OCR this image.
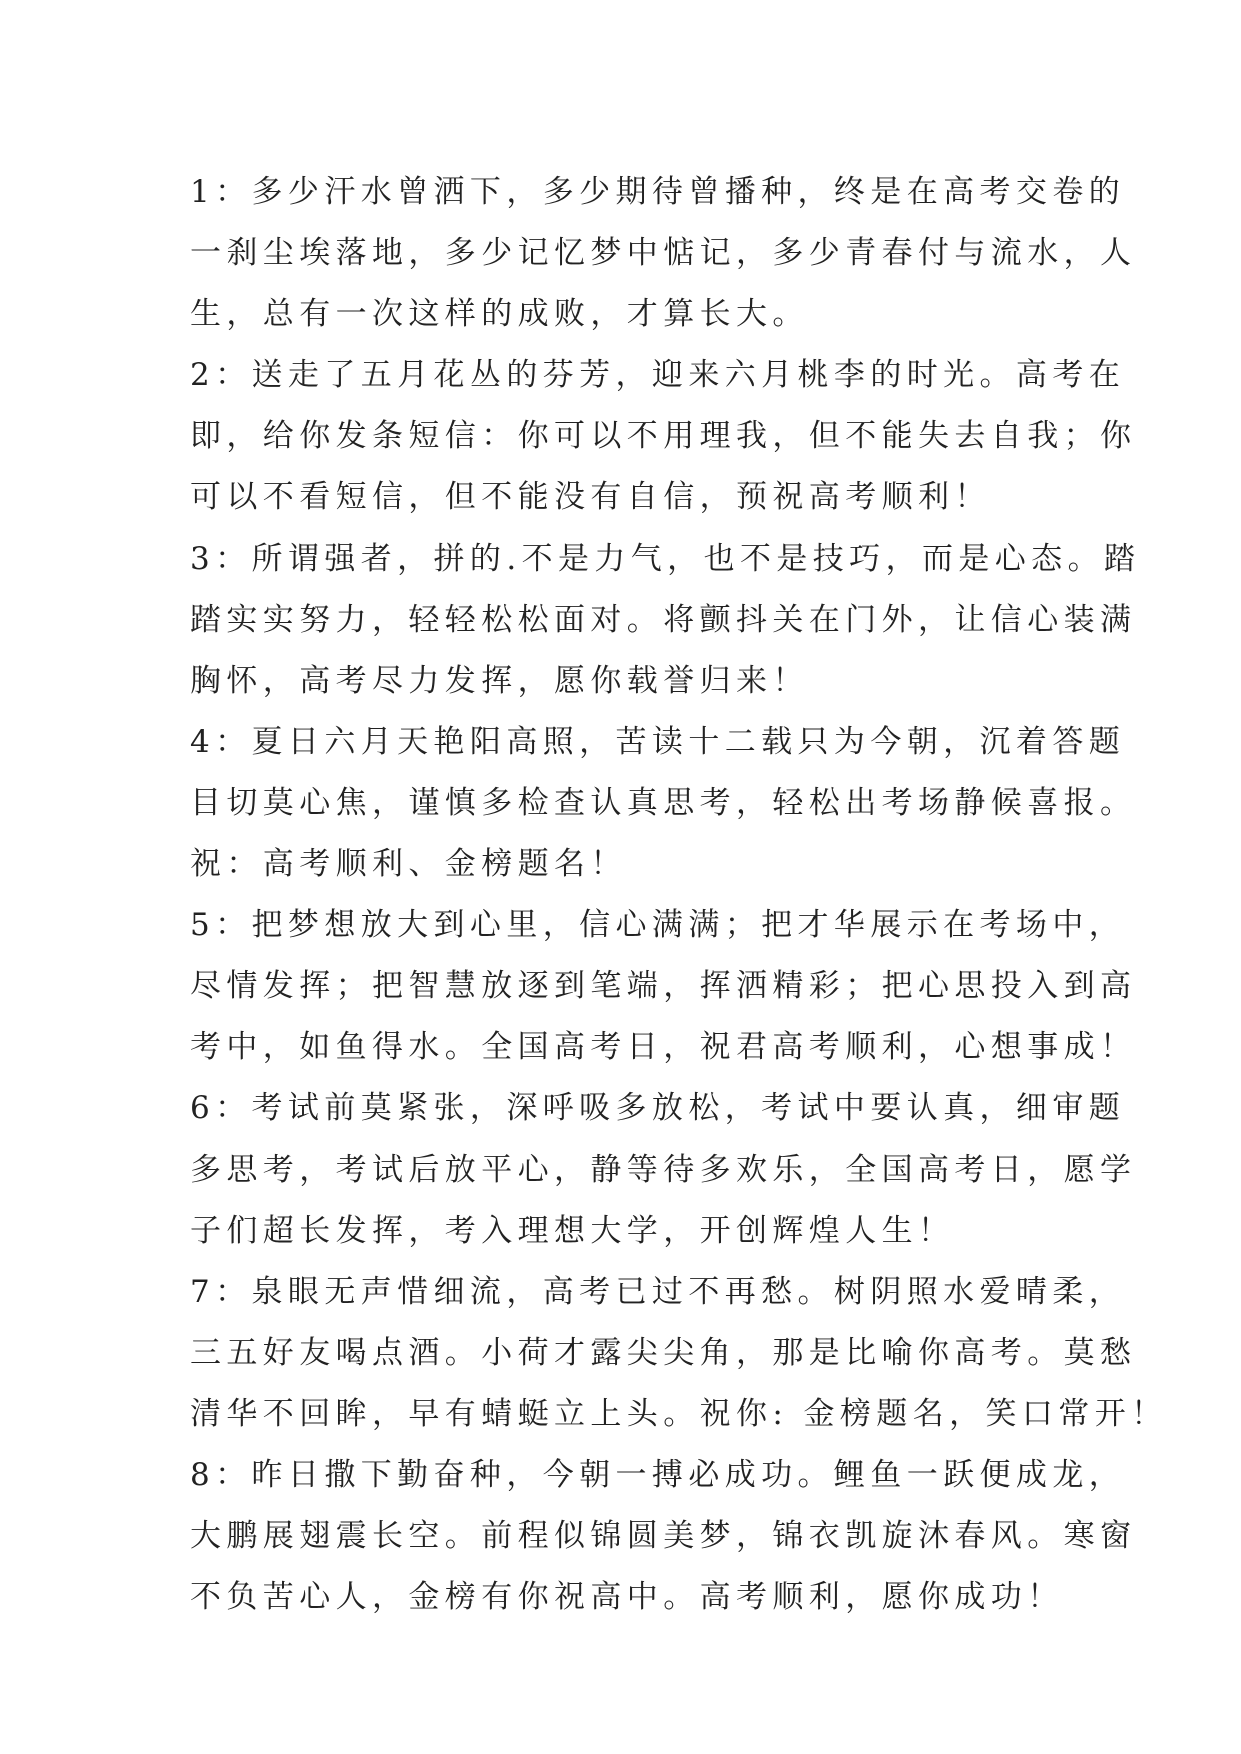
1：多少汗水曾洒下，多少期待曾播种，终是在高考交卷的
一刹尘埃落地，多少记忆梦中惦记，多少青春付与流水，人
生，总有一次这样的成败，才算长大。
2：送走了五月花丛的芬芳，迎来六月桃李的时光。高考在
即，给你发条短信：你可以不用理我，但不能失去自我；你
可以不看短信，但不能没有自信，预祝高考顺利！
3：所谓强者，拼的.不是力气，也不是技巧，而是心态。踏
踏实实努力，轻轻松松面对。将颤抖关在门外，让信心装满
胸怀，高考尽力发挥，愿你载誉归来！
4：夏日六月天艳阳高照，苦读十二载只为今朝，沉着答题
目切莫心焦，谨慎多检查认真思考，轻松出考场静候喜报。
祝：高考顺利、金榜题名！
5：把梦想放大到心里，信心满满；把才华展示在考场中，
尽情发挥；把智慧放逐到笔端，挥洒精彩；把心思投入到高
考中，如鱼得水。全国高考日，祝君高考顺利，心想事成！
6：考试前莫紧张，深呼吸多放松，考试中要认真，细审题
多思考，考试后放平心，静等待多欢乐，全国高考日，愿学
子们超长发挥，考入理想大学，开创辉煌人生！
7：泉眼无声惜细流，高考已过不再愁。树阴照水爱晴柔，
三五好友喝点酒。小荷才露尖尖角，那是比喻你高考。莫愁
清华不回眸，早有蜻蜓立上头。祝你: 金榜题名，笑口常开！
8：昨日撒下勤奋种，今朝一搏必成功。鲤鱼一跃便成龙，
大鹏展翅震长空。前程似锦圆美梦，锦衣凯旋沐春风。寒窗
不负苦心人，金榜有你祝高中。高考顺利，愿你成功！
